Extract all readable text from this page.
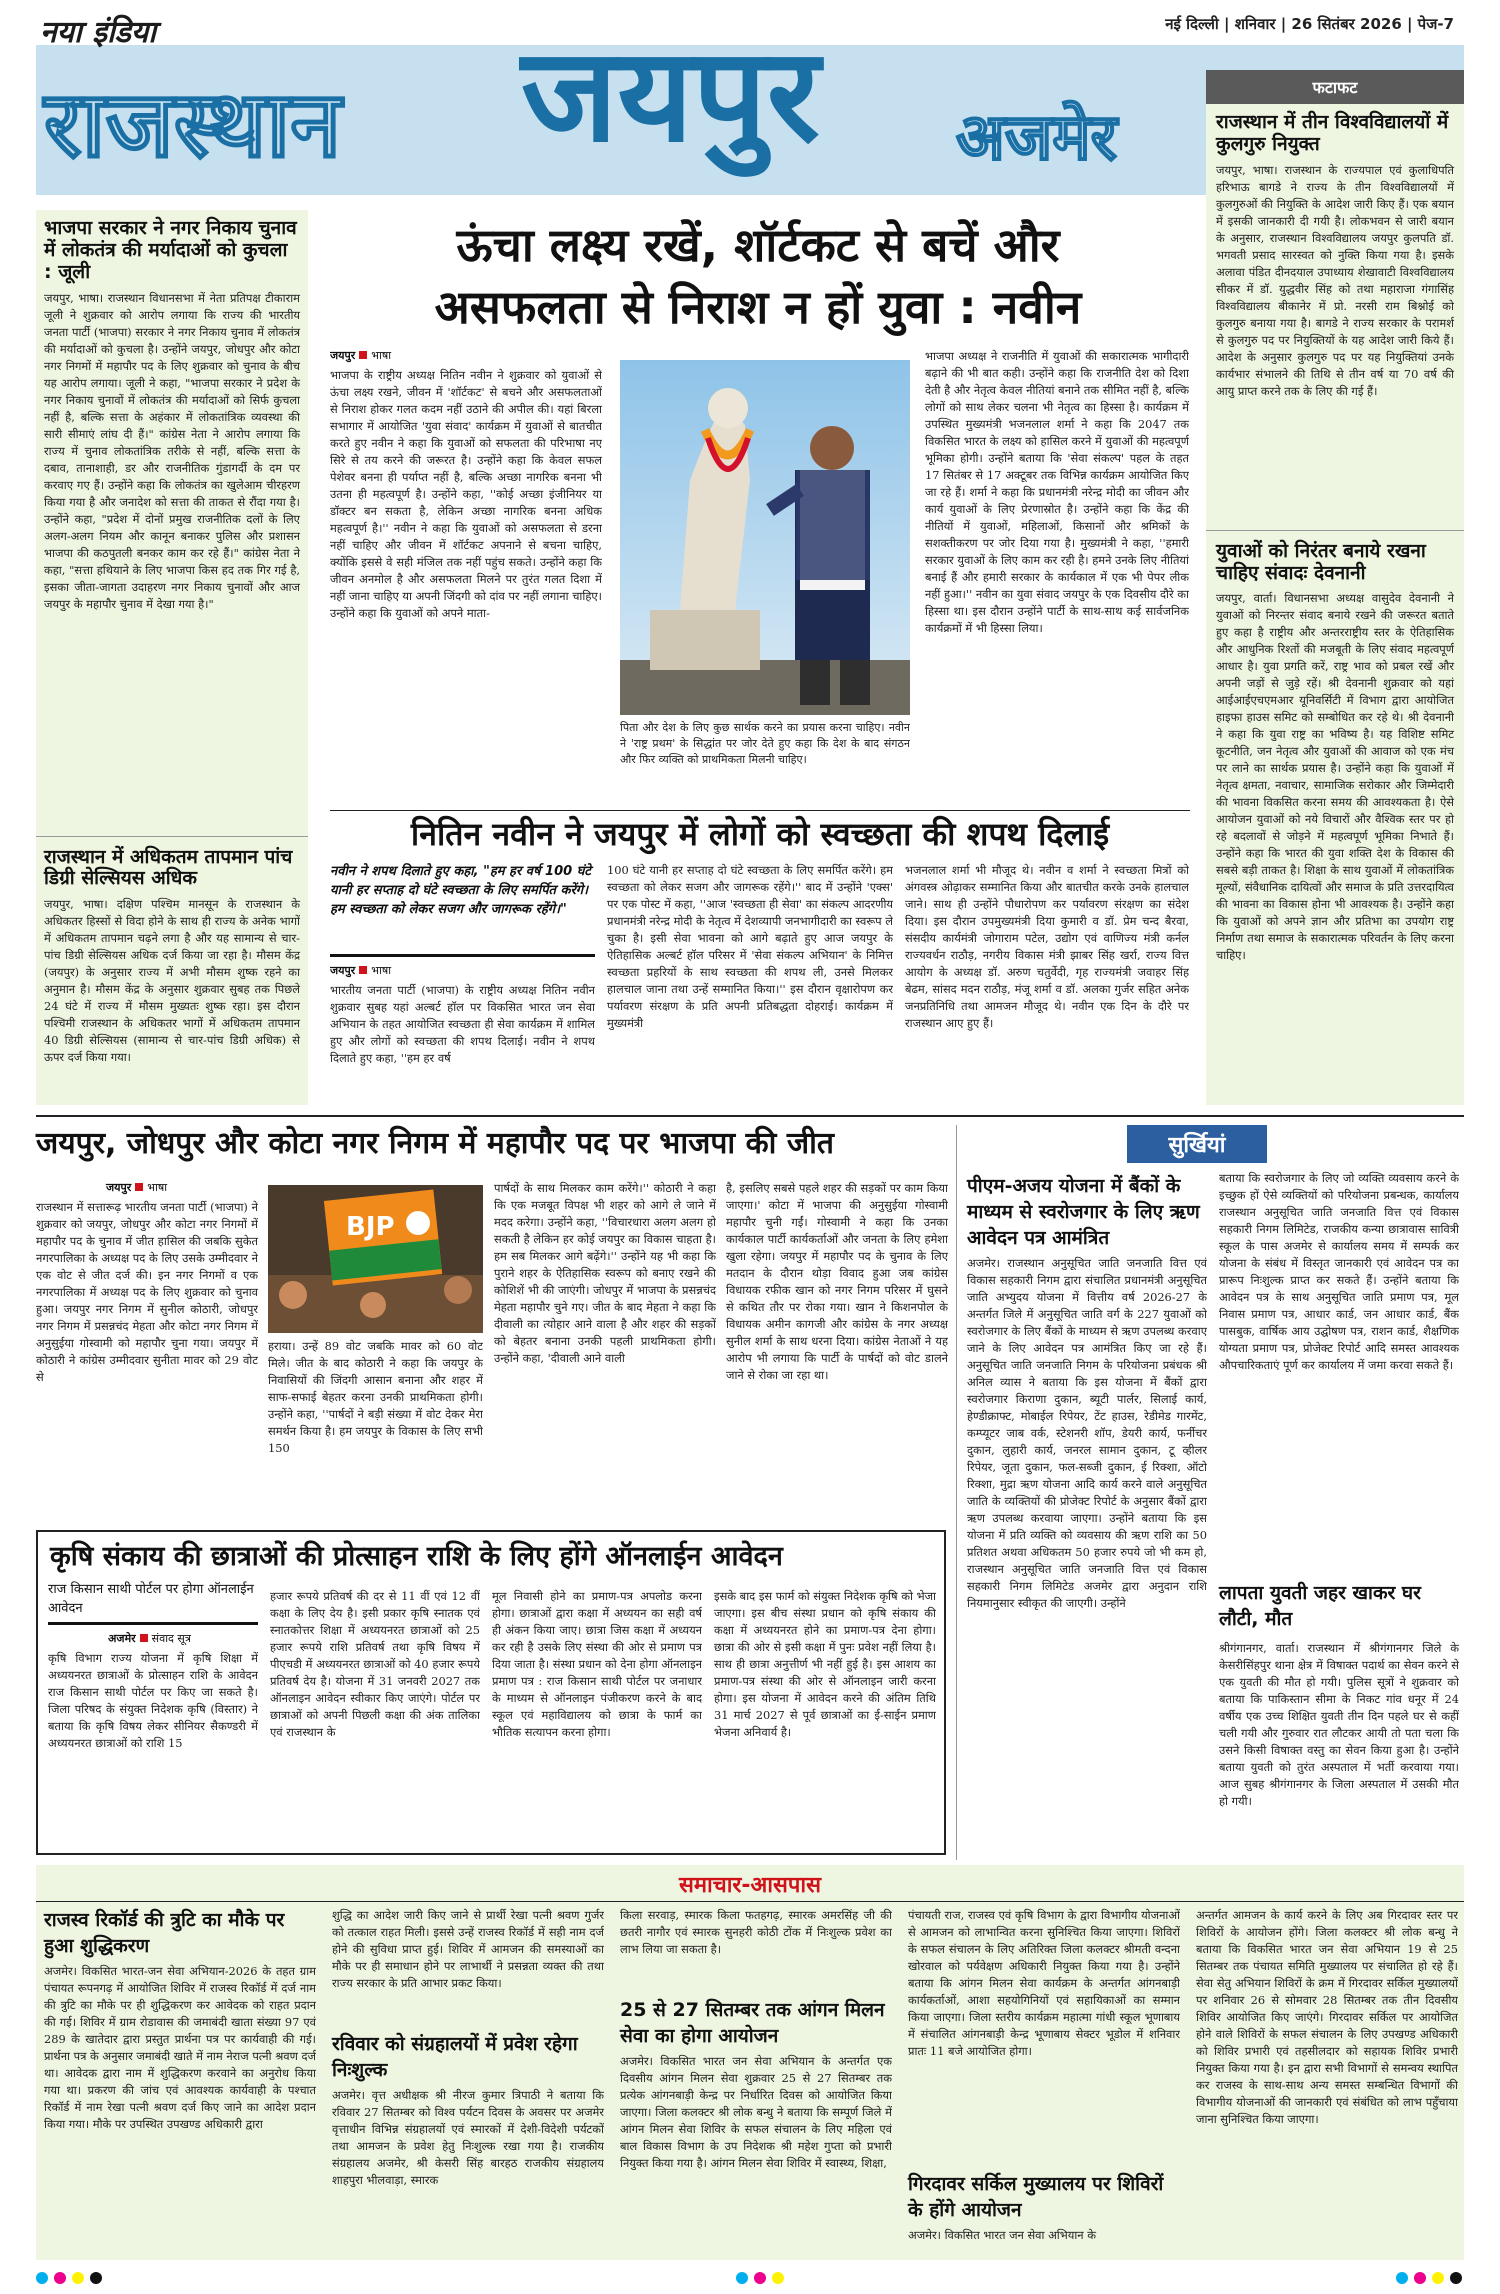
नया इंडिया	नई दिल्ली | शनिवार | 26 सितंबर 2026 | पेज-7
राजस्थान जयपुर अजमेर
फटाफट
राजस्थान में तीन विश्वविद्यालयों में कुलगुरु नियुक्त
जयपुर, भाषा। राजस्थान के राज्यपाल एवं कुलाधिपति हरिभाऊ बागडे ने राज्य के तीन विश्वविद्यालयों में कुलगुरुओं की नियुक्ति के आदेश जारी किए हैं। एक बयान में इसकी जानकारी दी गयी है। लोकभवन से जारी बयान के अनुसार, राजस्थान विश्वविद्यालय जयपुर कुलपति डॉ. भगवती प्रसाद सारस्वत को नुक्ति किया गया है। इसके अलावा पंडित दीनदयाल उपाध्याय शेखावाटी विश्वविद्यालय सीकर में डॉ. युद्धवीर सिंह को तथा महाराजा गंगासिंह विश्वविद्यालय बीकानेर में प्रो. नरसी राम बिश्नोई को कुलगुरु बनाया गया है। बागडे ने राज्य सरकार के परामर्श से कुलगुरु पद पर नियुक्तियों के यह आदेश जारी किये हैं। आदेश के अनुसार कुलगुरु पद पर यह नियुक्तियां उनके कार्यभार संभालने की तिथि से तीन वर्ष या 70 वर्ष की आयु प्राप्त करने तक के लिए की गई हैं।
युवाओं को निरंतर बनाये रखना चाहिए संवादः देवनानी
जयपुर, वार्ता। विधानसभा अध्यक्ष वासुदेव देवनानी ने युवाओं को निरन्तर संवाद बनाये रखने की जरूरत बताते हुए कहा है राष्ट्रीय और अन्तरराष्ट्रीय स्तर के ऐतिहासिक और आधुनिक रिश्तों की मजबूती के लिए संवाद महत्वपूर्ण आधार है। युवा प्रगति करें, राष्ट्र भाव को प्रबल रखें और अपनी जड़ों से जुड़े रहें। श्री देवनानी शुक्रवार को यहां आईआईएचएमआर यूनिवर्सिटी में विभाग द्वारा आयोजित हाइफा हाउस समिट को सम्बोधित कर रहे थे। श्री देवनानी ने कहा कि युवा राष्ट्र का भविष्य है। यह विशिष्ट समिट कूटनीति, जन नेतृत्व और युवाओं की आवाज को एक मंच पर लाने का सार्थक प्रयास है। उन्होंने कहा कि युवाओं में नेतृत्व क्षमता, नवाचार, सामाजिक सरोकार और जिम्मेदारी की भावना विकसित करना समय की आवश्यकता है। ऐसे आयोजन युवाओं को नये विचारों और वैश्विक स्तर पर हो रहे बदलावों से जोड़ने में महत्वपूर्ण भूमिका निभाते हैं। उन्होंने कहा कि भारत की युवा शक्ति देश के विकास की सबसे बड़ी ताकत है। शिक्षा के साथ युवाओं में लोकतांत्रिक मूल्यों, संवैधानिक दायित्वों और समाज के प्रति उत्तरदायित्व की भावना का विकास होना भी आवश्यक है। उन्होंने कहा कि युवाओं को अपने ज्ञान और प्रतिभा का उपयोग राष्ट्र निर्माण तथा समाज के सकारात्मक परिवर्तन के लिए करना चाहिए।
भाजपा सरकार ने नगर निकाय चुनाव में लोकतंत्र की मर्यादाओं को कुचला : जूली
जयपुर, भाषा। राजस्थान विधानसभा में नेता प्रतिपक्ष टीकाराम जूली ने शुक्रवार को आरोप लगाया कि राज्य की भारतीय जनता पार्टी (भाजपा) सरकार ने नगर निकाय चुनाव में लोकतंत्र की मर्यादाओं को कुचला है। उन्होंने जयपुर, जोधपुर और कोटा नगर निगमों में महापौर पद के लिए शुक्रवार को चुनाव के बीच यह आरोप लगाया। जूली ने कहा, "भाजपा सरकार ने प्रदेश के नगर निकाय चुनावों में लोकतंत्र की मर्यादाओं को सिर्फ कुचला नहीं है, बल्कि सत्ता के अहंकार में लोकतांत्रिक व्यवस्था की सारी सीमाएं लांघ दी हैं।" कांग्रेस नेता ने आरोप लगाया कि राज्य में चुनाव लोकतांत्रिक तरीके से नहीं, बल्कि सत्ता के दबाव, तानाशाही, डर और राजनीतिक गुंडागर्दी के दम पर करवाए गए हैं। उन्होंने कहा कि लोकतंत्र का खुलेआम चीरहरण किया गया है और जनादेश को सत्ता की ताकत से रौंदा गया है। उन्होंने कहा, "प्रदेश में दोनों प्रमुख राजनीतिक दलों के लिए अलग-अलग नियम और कानून बनाकर पुलिस और प्रशासन भाजपा की कठपुतली बनकर काम कर रहे हैं।" कांग्रेस नेता ने कहा, "सत्ता हथियाने के लिए भाजपा किस हद तक गिर गई है, इसका जीता-जागता उदाहरण नगर निकाय चुनावों और आज जयपुर के महापौर चुनाव में देखा गया है।"
राजस्थान में अधिकतम तापमान पांच डिग्री सेल्सियस अधिक
जयपुर, भाषा। दक्षिण पश्चिम मानसून के राजस्थान के अधिकतर हिस्सों से विदा होने के साथ ही राज्य के अनेक भागों में अधिकतम तापमान चढ़ने लगा है और यह सामान्य से चार-पांच डिग्री सेल्सियस अधिक दर्ज किया जा रहा है। मौसम केंद्र (जयपुर) के अनुसार राज्य में अभी मौसम शुष्क रहने का अनुमान है। मौसम केंद्र के अनुसार शुक्रवार सुबह तक पिछले 24 घंटे में राज्य में मौसम मुख्यतः शुष्क रहा। इस दौरान पश्चिमी राजस्थान के अधिकतर भागों में अधिकतम तापमान 40 डिग्री सेल्सियस (सामान्य से चार-पांच डिग्री अधिक) से ऊपर दर्ज किया गया।
ऊंचा लक्ष्य रखें, शॉर्टकट से बचें और
असफलता से निराश न हों युवा : नवीन
जयपुर भाषा
भाजपा के राष्ट्रीय अध्यक्ष नितिन नवीन ने शुक्रवार को युवाओं से ऊंचा लक्ष्य रखने, जीवन में 'शॉर्टकट' से बचने और असफलताओं से निराश होकर गलत कदम नहीं उठाने की अपील की। यहां बिरला सभागार में आयोजित 'युवा संवाद' कार्यक्रम में युवाओं से बातचीत करते हुए नवीन ने कहा कि युवाओं को सफलता की परिभाषा नए सिरे से तय करने की जरूरत है। उन्होंने कहा कि केवल सफल पेशेवर बनना ही पर्याप्त नहीं है, बल्कि अच्छा नागरिक बनना भी उतना ही महत्वपूर्ण है। उन्होंने कहा, ''कोई अच्छा इंजीनियर या डॉक्टर बन सकता है, लेकिन अच्छा नागरिक बनना अधिक महत्वपूर्ण है।'' नवीन ने कहा कि युवाओं को असफलता से डरना नहीं चाहिए और जीवन में शॉर्टकट अपनाने से बचना चाहिए, क्योंकि इससे वे सही मंजिल तक नहीं पहुंच सकते। उन्होंने कहा कि जीवन अनमोल है और असफलता मिलने पर तुरंत गलत दिशा में नहीं जाना चाहिए या अपनी जिंदगी को दांव पर नहीं लगाना चाहिए। उन्होंने कहा कि युवाओं को अपने माता-
पिता और देश के लिए कुछ सार्थक करने का प्रयास करना चाहिए। नवीन ने 'राष्ट्र प्रथम' के सिद्धांत पर जोर देते हुए कहा कि देश के बाद संगठन और फिर व्यक्ति को प्राथमिकता मिलनी चाहिए।
भाजपा अध्यक्ष ने राजनीति में युवाओं की सकारात्मक भागीदारी बढ़ाने की भी बात कही। उन्होंने कहा कि राजनीति देश को दिशा देती है और नेतृत्व केवल नीतियां बनाने तक सीमित नहीं है, बल्कि लोगों को साथ लेकर चलना भी नेतृत्व का हिस्सा है। कार्यक्रम में उपस्थित मुख्यमंत्री भजनलाल शर्मा ने कहा कि 2047 तक विकसित भारत के लक्ष्य को हासिल करने में युवाओं की महत्वपूर्ण भूमिका होगी। उन्होंने बताया कि 'सेवा संकल्प' पहल के तहत 17 सितंबर से 17 अक्टूबर तक विभिन्न कार्यक्रम आयोजित किए जा रहे हैं। शर्मा ने कहा कि प्रधानमंत्री नरेन्द्र मोदी का जीवन और कार्य युवाओं के लिए प्रेरणास्रोत है। उन्होंने कहा कि केंद्र की नीतियों में युवाओं, महिलाओं, किसानों और श्रमिकों के सशक्तीकरण पर जोर दिया गया है। मुख्यमंत्री ने कहा, ''हमारी सरकार युवाओं के लिए काम कर रही है। हमने उनके लिए नीतियां बनाई हैं और हमारी सरकार के कार्यकाल में एक भी पेपर लीक नहीं हुआ।'' नवीन का युवा संवाद जयपुर के एक दिवसीय दौरे का हिस्सा था। इस दौरान उन्होंने पार्टी के साथ-साथ कई सार्वजनिक कार्यक्रमों में भी हिस्सा लिया।
नितिन नवीन ने जयपुर में लोगों को स्वच्छता की शपथ दिलाई
नवीन ने शपथ दिलाते हुए कहा, "हम हर वर्ष 100 घंटे यानी हर सप्ताह दो घंटे स्वच्छता के लिए समर्पित करेंगे। हम स्वच्छता को लेकर सजग और जागरूक रहेंगे।"
जयपुर भाषा
भारतीय जनता पार्टी (भाजपा) के राष्ट्रीय अध्यक्ष नितिन नवीन शुक्रवार सुबह यहां अल्बर्ट हॉल पर विकसित भारत जन सेवा अभियान के तहत आयोजित स्वच्छता ही सेवा कार्यक्रम में शामिल हुए और लोगों को स्वच्छता की शपथ दिलाई। नवीन ने शपथ दिलाते हुए कहा, ''हम हर वर्ष
100 घंटे यानी हर सप्ताह दो घंटे स्वच्छता के लिए समर्पित करेंगे। हम स्वच्छता को लेकर सजग और जागरूक रहेंगे।'' बाद में उन्होंने 'एक्स' पर एक पोस्ट में कहा, ''आज 'स्वच्छता ही सेवा' का संकल्प आदरणीय प्रधानमंत्री नरेन्द्र मोदी के नेतृत्व में देशव्यापी जनभागीदारी का स्वरूप ले चुका है। इसी सेवा भावना को आगे बढ़ाते हुए आज जयपुर के ऐतिहासिक अल्बर्ट हॉल परिसर में 'सेवा संकल्प अभियान' के निमित्त स्वच्छता प्रहरियों के साथ स्वच्छता की शपथ ली, उनसे मिलकर हालचाल जाना तथा उन्हें सम्मानित किया।'' इस दौरान वृक्षारोपण कर पर्यावरण संरक्षण के प्रति अपनी प्रतिबद्धता दोहराई। कार्यक्रम में मुख्यमंत्री
भजनलाल शर्मा भी मौजूद थे। नवीन व शर्मा ने स्वच्छता मित्रों को अंगवस्त्र ओढ़ाकर सम्मानित किया और बातचीत करके उनके हालचाल जाने। साथ ही उन्होंने पौधारोपण कर पर्यावरण संरक्षण का संदेश दिया। इस दौरान उपमुख्यमंत्री दिया कुमारी व डॉ. प्रेम चन्द बैरवा, संसदीय कार्यमंत्री जोगाराम पटेल, उद्योग एवं वाणिज्य मंत्री कर्नल राज्यवर्धन राठौड़, नगरीय विकास मंत्री झाबर सिंह खर्रा, राज्य वित्त आयोग के अध्यक्ष डॉ. अरुण चतुर्वेदी, गृह राज्यमंत्री जवाहर सिंह बेढम, सांसद मदन राठौड़, मंजू शर्मा व डॉ. अलका गुर्जर सहित अनेक जनप्रतिनिधि तथा आमजन मौजूद थे। नवीन एक दिन के दौरे पर राजस्थान आए हुए हैं।
जयपुर, जोधपुर और कोटा नगर निगम में महापौर पद पर भाजपा की जीत
जयपुर भाषा
राजस्थान में सत्तारूढ़ भारतीय जनता पार्टी (भाजपा) ने शुक्रवार को जयपुर, जोधपुर और कोटा नगर निगमों में महापौर पद के चुनाव में जीत हासिल की जबकि सुकेत नगरपालिका के अध्यक्ष पद के लिए उसके उम्मीदवार ने एक वोट से जीत दर्ज की। इन नगर निगमों व एक नगरपालिका में अध्यक्ष पद के लिए शुक्रवार को चुनाव हुआ। जयपुर नगर निगम में सुनील कोठारी, जोधपुर नगर निगम में प्रसन्नचंद मेहता और कोटा नगर निगम में अनुसुईया गोस्वामी को महापौर चुना गया। जयपुर में कोठारी ने कांग्रेस उम्मीदवार सुनीता मावर को 29 वोट से
BJP
हराया। उन्हें 89 वोट जबकि मावर को 60 वोट मिले। जीत के बाद कोठारी ने कहा कि जयपुर के निवासियों की जिंदगी आसान बनाना और शहर में साफ-सफाई बेहतर करना उनकी प्राथमिकता होगी। उन्होंने कहा, ''पार्षदों ने बड़ी संख्या में वोट देकर मेरा समर्थन किया है। हम जयपुर के विकास के लिए सभी 150
पार्षदों के साथ मिलकर काम करेंगे।'' कोठारी ने कहा कि एक मजबूत विपक्ष भी शहर को आगे ले जाने में मदद करेगा। उन्होंने कहा, ''विचारधारा अलग अलग हो सकती है लेकिन हर कोई जयपुर का विकास चाहता है। हम सब मिलकर आगे बढ़ेंगे।'' उन्होंने यह भी कहा कि पुराने शहर के ऐतिहासिक स्वरूप को बनाए रखने की कोशिशें भी की जाएंगी। जोधपुर में भाजपा के प्रसन्नचंद मेहता महापौर चुने गए। जीत के बाद मेहता ने कहा कि दीवाली का त्योहार आने वाला है और शहर की सड़कों को बेहतर बनाना उनकी पहली प्राथमिकता होगी। उन्होंने कहा, 'दीवाली आने वाली
है, इसलिए सबसे पहले शहर की सड़कों पर काम किया जाएगा।' कोटा में भाजपा की अनुसुईया गोस्वामी महापौर चुनी गईं। गोस्वामी ने कहा कि उनका कार्यकाल पार्टी कार्यकर्ताओं और जनता के लिए हमेशा खुला रहेगा। जयपुर में महापौर पद के चुनाव के लिए मतदान के दौरान थोड़ा विवाद हुआ जब कांग्रेस विधायक रफीक खान को नगर निगम परिसर में घुसने से कथित तौर पर रोका गया। खान ने किशनपोल के विधायक अमीन कागजी और कांग्रेस के नगर अध्यक्ष सुनील शर्मा के साथ धरना दिया। कांग्रेस नेताओं ने यह आरोप भी लगाया कि पार्टी के पार्षदों को वोट डालने जाने से रोका जा रहा था।
सुर्खियां
पीएम-अजय योजना में बैंकों के माध्यम से स्वरोजगार के लिए ऋण आवेदन पत्र आमंत्रित
अजमेर। राजस्थान अनुसूचित जाति जनजाति वित्त एवं विकास सहकारी निगम द्वारा संचालित प्रधानमंत्री अनुसूचित जाति अभ्युदय योजना में वित्तीय वर्ष 2026-27 के अन्तर्गत जिले में अनुसूचित जाति वर्ग के 227 युवाओं को स्वरोजगार के लिए बैंकों के माध्यम से ऋण उपलब्ध करवाए जाने के लिए आवेदन पत्र आमंत्रित किए जा रहे हैं। अनुसूचित जाति जनजाति निगम के परियोजना प्रबंधक श्री अनिल व्यास ने बताया कि इस योजना में बैंकों द्वारा स्वरोजगार किराणा दुकान, ब्यूटी पार्लर, सिलाई कार्य, हेण्डीक्राफ्ट, मोबाईल रिपेयर, टेंट हाउस, रेडीमेड गारमेंट, कम्प्यूटर जाब वर्क, स्टेशनरी शॉप, डेयरी कार्य, फर्नीचर दुकान, लुहारी कार्य, जनरल सामान दुकान, टू व्हीलर रिपेयर, जूता दुकान, फल-सब्जी दुकान, ई रिक्शा, ऑटो रिक्शा, मुद्रा ऋण योजना आदि कार्य करने वाले अनुसूचित जाति के व्यक्तियों की प्रोजेक्ट रिपोर्ट के अनुसार बैंकों द्वारा ऋण उपलब्ध करवाया जाएगा। उन्होंने बताया कि इस योजना में प्रति व्यक्ति को व्यवसाय की ऋण राशि का 50 प्रतिशत अथवा अधिकतम 50 हजार रुपये जो भी कम हो, राजस्थान अनुसूचित जाति जनजाति वित्त एवं विकास सहकारी निगम लिमिटेड अजमेर द्वारा अनुदान राशि नियमानुसार स्वीकृत की जाएगी। उन्होंने
बताया कि स्वरोजगार के लिए जो व्यक्ति व्यवसाय करने के इच्छुक हों ऐसे व्यक्तियों को परियोजना प्रबन्धक, कार्यालय राजस्थान अनुसूचित जाति जनजाति वित्त एवं विकास सहकारी निगम लिमिटेड, राजकीय कन्या छात्रावास सावित्री स्कूल के पास अजमेर से कार्यालय समय में सम्पर्क कर योजना के संबंध में विस्तृत जानकारी एवं आवेदन पत्र का प्रारूप निःशुल्क प्राप्त कर सकते हैं। उन्होंने बताया कि आवेदन पत्र के साथ अनुसूचित जाति प्रमाण पत्र, मूल निवास प्रमाण पत्र, आधार कार्ड, जन आधार कार्ड, बैंक पासबुक, वार्षिक आय उद्घोषण पत्र, राशन कार्ड, शैक्षणिक योग्यता प्रमाण पत्र, प्रोजेक्ट रिपोर्ट आदि समस्त आवश्यक औपचारिकताएं पूर्ण कर कार्यालय में जमा करवा सकते हैं।
लापता युवती जहर खाकर घर लौटी, मौत
श्रीगंगानगर, वार्ता। राजस्थान में श्रीगंगानगर जिले के केसरीसिंहपुर थाना क्षेत्र में विषाक्त पदार्थ का सेवन करने से एक युवती की मौत हो गयी। पुलिस सूत्रों ने शुक्रवार को बताया कि पाकिस्तान सीमा के निकट गांव धनूर में 24 वर्षीय एक उच्च शिक्षित युवती तीन दिन पहले घर से कहीं चली गयी और गुरुवार रात लौटकर आयी तो पता चला कि उसने किसी विषाक्त वस्तु का सेवन किया हुआ है। उन्होंने बताया युवती को तुरंत अस्पताल में भर्ती करवाया गया। आज सुबह श्रीगंगानगर के जिला अस्पताल में उसकी मौत हो गयी।
कृषि संकाय की छात्राओं की प्रोत्साहन राशि के लिए होंगे ऑनलाईन आवेदन
राज किसान साथी पोर्टल पर होगा ऑनलाईन आवेदन
अजमेर संवाद सूत्र
कृषि विभाग राज्य योजना में कृषि शिक्षा में अध्ययनरत छात्राओं के प्रोत्साहन राशि के आवेदन राज किसान साथी पोर्टल पर किए जा सकते है। जिला परिषद के संयुक्त निदेशक कृषि (विस्तार) ने बताया कि कृषि विषय लेकर सीनियर सैकण्डरी में अध्ययनरत छात्राओं को राशि 15
हजार रूपये प्रतिवर्ष की दर से 11 वीं एवं 12 वीं कक्षा के लिए देय है। इसी प्रकार कृषि स्नातक एवं स्नातकोत्तर शिक्षा में अध्ययनरत छात्राओं को 25 हजार रूपये राशि प्रतिवर्ष तथा कृषि विषय में पीएचडी में अध्ययनरत छात्राओं को 40 हजार रूपये प्रतिवर्ष देय है। योजना में 31 जनवरी 2027 तक ऑनलाइन आवेदन स्वीकार किए जाएंगे। पोर्टल पर छात्राओं को अपनी पिछली कक्षा की अंक तालिका एवं राजस्थान के
मूल निवासी होने का प्रमाण-पत्र अपलोड करना होगा। छात्राओं द्वारा कक्षा में अध्ययन का सही वर्ष ही अंकन किया जाए। छात्रा जिस कक्षा में अध्ययन कर रही है उसके लिए संस्था की ओर से प्रमाण पत्र दिया जाता है। संस्था प्रधान को देना होगा ऑनलाइन प्रमाण पत्र : राज किसान साथी पोर्टल पर जनाधार के माध्यम से ऑनलाइन पंजीकरण करने के बाद स्कूल एवं महाविद्यालय को छात्रा के फार्म का भौतिक सत्यापन करना होगा।
इसके बाद इस फार्म को संयुक्त निदेशक कृषि को भेजा जाएगा। इस बीच संस्था प्रधान को कृषि संकाय की कक्षा में अध्ययनरत होने का प्रमाण-पत्र देना होगा। छात्रा की ओर से इसी कक्षा में पुनः प्रवेश नहीं लिया है। साथ ही छात्रा अनुत्तीर्ण भी नहीं हुई है। इस आशय का प्रमाण-पत्र संस्था की ओर से ऑनलाइन जारी करना होगा। इस योजना में आवेदन करने की अंतिम तिथि 31 मार्च 2027 से पूर्व छात्राओं का ई-साईन प्रमाण भेजना अनिवार्य है।
समाचार-आसपास
राजस्व रिकॉर्ड की त्रुटि का मौके पर हुआ शुद्धिकरण
अजमेर। विकसित भारत-जन सेवा अभियान-2026 के तहत ग्राम पंचायत रूपनगढ़ में आयोजित शिविर में राजस्व रिकॉर्ड में दर्ज नाम की त्रुटि का मौके पर ही शुद्धिकरण कर आवेदक को राहत प्रदान की गई। शिविर में ग्राम रोडावास की जमाबंदी खाता संख्या 97 एवं 289 के खातेदार द्वारा प्रस्तुत प्रार्थना पत्र पर कार्यवाही की गई। प्रार्थना पत्र के अनुसार जमाबंदी खाते में नाम नेराज पत्नी श्रवण दर्ज था। आवेदक द्वारा नाम में शुद्धिकरण करवाने का अनुरोध किया गया था। प्रकरण की जांच एवं आवश्यक कार्यवाही के पश्चात रिकॉर्ड में नाम रेखा पत्नी श्रवण दर्ज किए जाने का आदेश प्रदान किया गया। मौके पर उपस्थित उपखण्ड अधिकारी द्वारा
शुद्धि का आदेश जारी किए जाने से प्रार्थी रेखा पत्नी श्रवण गुर्जर को तत्काल राहत मिली। इससे उन्हें राजस्व रिकॉर्ड में सही नाम दर्ज होने की सुविधा प्राप्त हुई। शिविर में आमजन की समस्याओं का मौके पर ही समाधान होने पर लाभार्थी ने प्रसन्नता व्यक्त की तथा राज्य सरकार के प्रति आभार प्रकट किया।
रविवार को संग्रहालयों में प्रवेश रहेगा निःशुल्क
अजमेर। वृत्त अधीक्षक श्री नीरज कुमार त्रिपाठी ने बताया कि रविवार 27 सितम्बर को विश्व पर्यटन दिवस के अवसर पर अजमेर वृत्ताधीन विभिन्न संग्रहालयों एवं स्मारकों में देशी-विदेशी पर्यटकों तथा आमजन के प्रवेश हेतु निःशुल्क रखा गया है। राजकीय संग्रहालय अजमेर, श्री केसरी सिंह बारहठ राजकीय संग्रहालय शाहपुरा भीलवाड़ा, स्मारक
किला सरवाड़, स्मारक किला फतहगढ़, स्मारक अमरसिंह जी की छतरी नागौर एवं स्मारक सुनहरी कोठी टोंक में निःशुल्क प्रवेश का लाभ लिया जा सकता है।
25 से 27 सितम्बर तक आंगन मिलन सेवा का होगा आयोजन
अजमेर। विकसित भारत जन सेवा अभियान के अन्तर्गत एक दिवसीय आंगन मिलन सेवा शुक्रवार 25 से 27 सितम्बर तक प्रत्येक आंगनबाड़ी केन्द्र पर निर्धारित दिवस को आयोजित किया जाएगा। जिला कलक्टर श्री लोक बन्धु ने बताया कि सम्पूर्ण जिले में आंगन मिलन सेवा शिविर के सफल संचालन के लिए महिला एवं बाल विकास विभाग के उप निदेशक श्री महेश गुप्ता को प्रभारी नियुक्त किया गया है। आंगन मिलन सेवा शिविर में स्वास्थ्य, शिक्षा,
पंचायती राज, राजस्व एवं कृषि विभाग के द्वारा विभागीय योजनाओं से आमजन को लाभान्वित करना सुनिश्चित किया जाएगा। शिविरों के सफल संचालन के लिए अतिरिक्त जिला कलक्टर श्रीमती वन्दना खोरवाल को पर्यवेक्षण अधिकारी नियुक्त किया गया है। उन्होंने बताया कि आंगन मिलन सेवा कार्यक्रम के अन्तर्गत आंगनबाड़ी कार्यकर्ताओं, आशा सहयोगिनियों एवं सहायिकाओं का सम्मान किया जाएगा। जिला स्तरीय कार्यक्रम महात्मा गांधी स्कूल भूणाबाय में संचालित आंगनबाड़ी केन्द्र भूणाबाय सेक्टर भूडोल में शनिवार प्रातः 11 बजे आयोजित होगा।
गिरदावर सर्किल मुख्यालय पर शिविरों के होंगे आयोजन
अजमेर। विकसित भारत जन सेवा अभियान के
अन्तर्गत आमजन के कार्य करने के लिए अब गिरदावर स्तर पर शिविरों के आयोजन होंगे। जिला कलक्टर श्री लोक बन्धु ने बताया कि विकसित भारत जन सेवा अभियान 19 से 25 सितम्बर तक पंचायत समिति मुख्यालय पर संचालित हो रहे हैं। सेवा सेतु अभियान शिविरों के क्रम में गिरदावर सर्किल मुख्यालयों पर शनिवार 26 से सोमवार 28 सितम्बर तक तीन दिवसीय शिविर आयोजित किए जाएंगे। गिरदावर सर्किल पर आयोजित होने वाले शिविरों के सफल संचालन के लिए उपखण्ड अधिकारी को शिविर प्रभारी एवं तहसीलदार को सहायक शिविर प्रभारी नियुक्त किया गया है। इन द्वारा सभी विभागों से समन्वय स्थापित कर राजस्व के साथ-साथ अन्य समस्त सम्बन्धित विभागों की विभागीय योजनाओं की जानकारी एवं संबंधित को लाभ पहुँचाया जाना सुनिश्चित किया जाएगा।
